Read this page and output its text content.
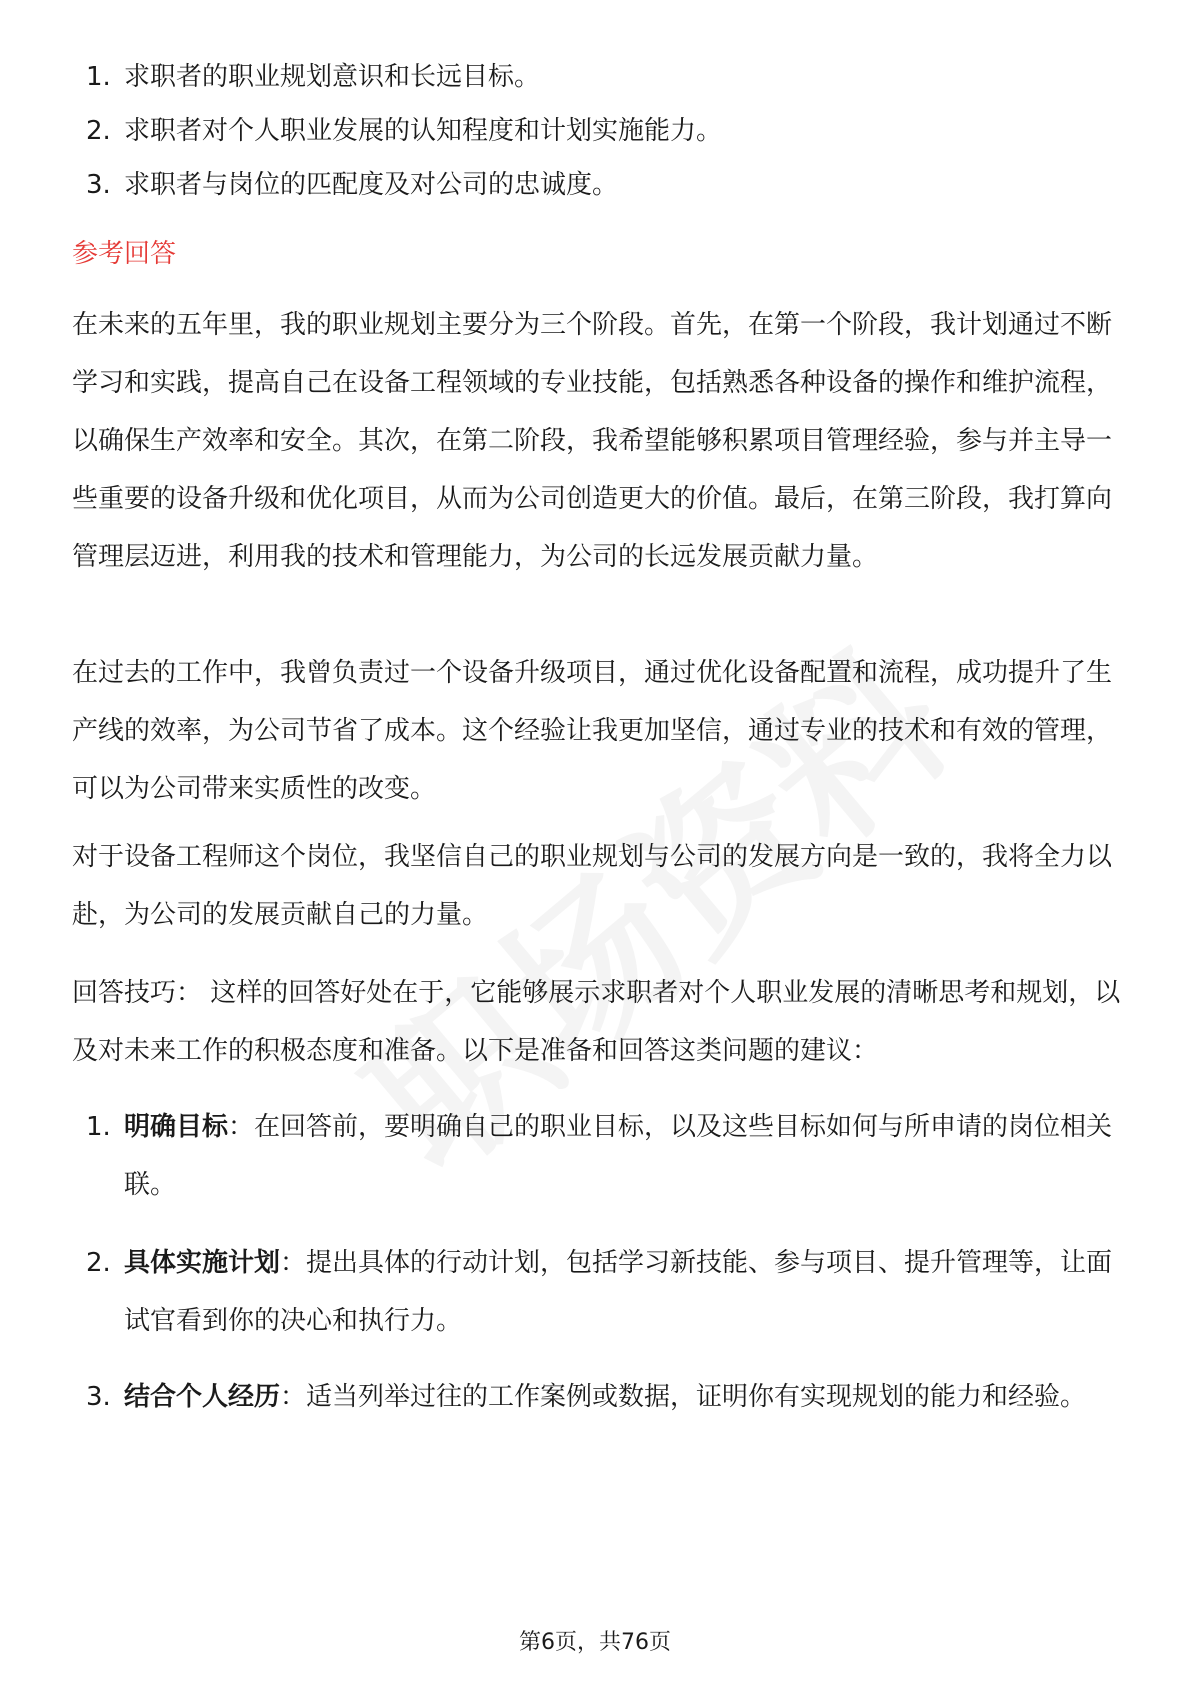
1. 求职者的职业规划意识和长远目标。
2. 求职者对个人职业发展的认知程度和计划实施能力。
3. 求职者与岗位的匹配度及对公司的忠诚度。
参考回答
在未来的五年里，我的职业规划主要分为三个阶段。首先，在第一个阶段，我计划通过不断学习和实践，提高自己在设备工程领域的专业技能，包括熟悉各种设备的操作和维护流程，以确保生产效率和安全。其次，在第二阶段，我希望能够积累项目管理经验，参与并主导一些重要的设备升级和优化项目，从而为公司创造更大的价值。最后，在第三阶段，我打算向管理层迈进，利用我的技术和管理能力，为公司的长远发展贡献力量。
在过去的工作中，我曾负责过一个设备升级项目，通过优化设备配置和流程，成功提升了生产线的效率，为公司节省了成本。这个经验让我更加坚信，通过专业的技术和有效的管理，可以为公司带来实质性的改变。
对于设备工程师这个岗位，我坚信自己的职业规划与公司的发展方向是一致的，我将全力以赴，为公司的发展贡献自己的力量。
回答技巧： 这样的回答好处在于，它能够展示求职者对个人职业发展的清晰思考和规划，以及对未来工作的积极态度和准备。以下是准备和回答这类问题的建议：
1. 明确目标：在回答前，要明确自己的职业目标，以及这些目标如何与所申请的岗位相关联。
2. 具体实施计划：提出具体的行动计划，包括学习新技能、参与项目、提升管理等，让面试官看到你的决心和执行力。
3. 结合个人经历：适当列举过往的工作案例或数据，证明你有实现规划的能力和经验。
第6页，共76页
